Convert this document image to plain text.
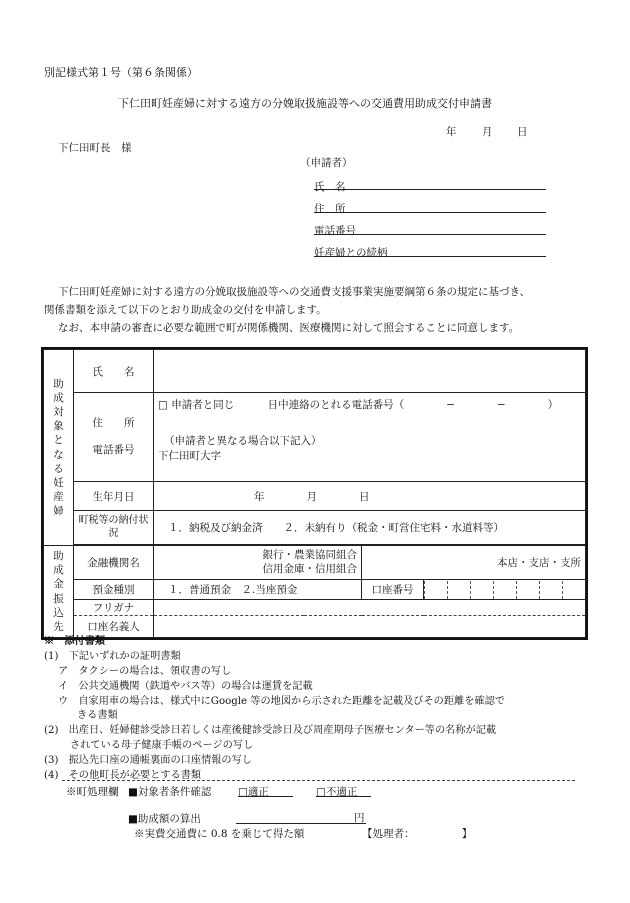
別記様式第１号（第６条関係）
下仁田町妊産婦に対する遠方の分娩取扱施設等への交通費用助成交付申請書
年 月 日
下仁田町長　様
（申請者）
氏　名
住　所
電話番号
妊産婦との続柄
下仁田町妊産婦に対する遠方の分娩取扱施設等への交通費支援事業実施要綱第６条の規定に基づき、
関係書類を添えて以下のとおり助成金の交付を申請します。
なお、本申請の審査に必要な範囲で町が関係機関、医療機関に対して照会することに同意します。
助成対象となる妊産婦	氏　　名			

	住　　所
電話番号	□ 申請者と同じ 日中連絡のとれる電話番号（　　　　−　　　　−　　　　）		

		（申請者と異なる場合以下記入）
下仁田町大字		

	生年月日	年　　　　月　　　　日		
	町税等の納付状況	１．納税及び納金済　　２．未納有り（税金・町営住宅料・水道料等）		

助成金振込先	金融機関名	銀行・農業協同組合
信用金庫・信用組合	本店・支店・支所	
	預金種別	１．普通預金　２.当座預金	口座番号	

	フリガナ			
	口座名義人			
※　添付書類
(1)　下記いずれかの証明書類
ア　タクシーの場合は、領収書の写し
イ　公共交通機関（鉄道やバス等）の場合は運賃を記載
ウ　自家用車の場合は、様式中にGoogle 等の地図から示された距離を記載及びその距離を確認で
きる書類
(2)　出産日、妊婦健診受診日若しくは産後健診受診日及び周産期母子医療センター等の名称が記載
されている母子健康手帳のページの写し
(3)　振込先口座の通帳裏面の口座情報の写し
(4)　その他町長が必要とする書類
※町処理欄 ■対象者条件確認	□適正	□不適正
■助成額の算出	円
※実費交通費に 0.8 を乗じて得た額	【処理者：　　　　　】
